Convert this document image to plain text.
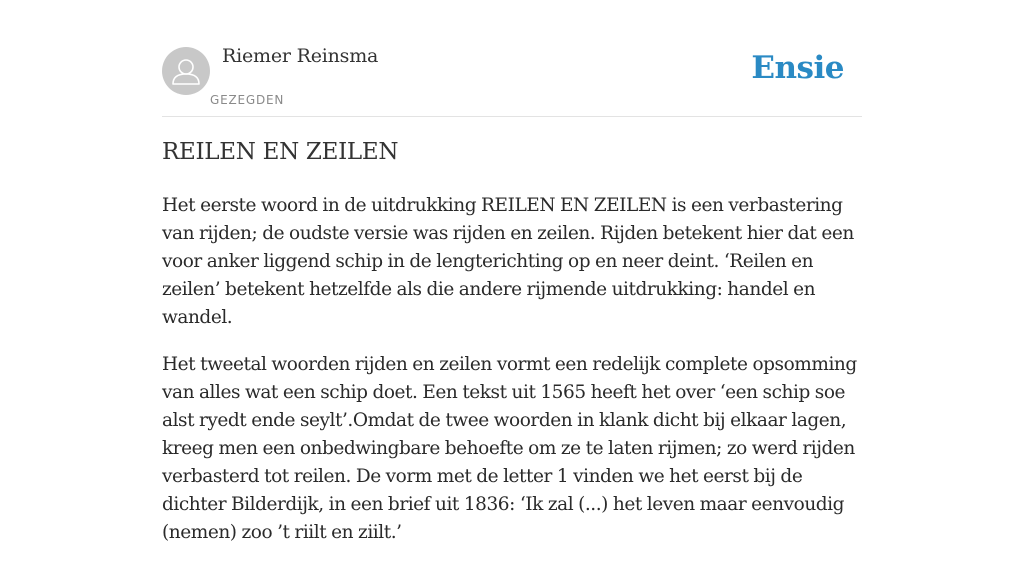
Riemer Reinsma
GEZEGDEN
Ensie
REILEN EN ZEILEN

Het eerste woord in de uitdrukking REILEN EN ZEILEN is een verbastering van rijden; de oudste versie was rijden en zeilen. Rijden betekent hier dat een voor anker liggend schip in de lengterichting op en neer deint. ‘Reilen en zeilen’ betekent hetzelfde als die andere rijmende uitdrukking: handel en wandel.

Het tweetal woorden rijden en zeilen vormt een redelijk complete opsomming van alles wat een schip doet. Een tekst uit 1565 heeft het over ‘een schip soe alst ryedt ende seylt’.Omdat de twee woorden in klank dicht bij elkaar lagen, kreeg men een onbedwingbare behoefte om ze te laten rijmen; zo werd rijden verbasterd tot reilen. De vorm met de letter 1 vinden we het eerst bij de dichter Bilderdijk, in een brief uit 1836: ‘Ik zal (...) het leven maar eenvoudig (nemen) zoo ’t riilt en ziilt.’
